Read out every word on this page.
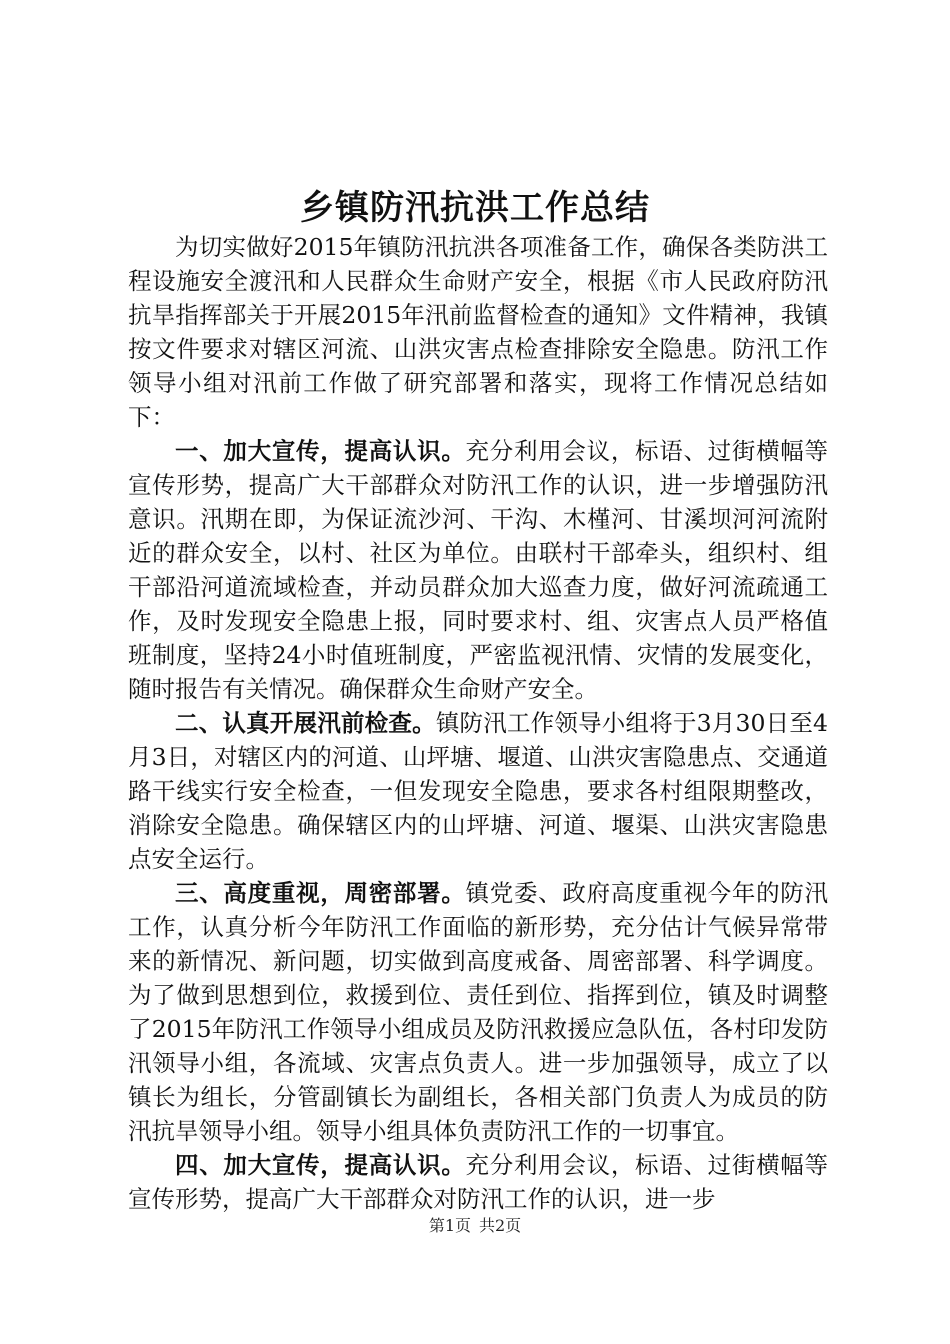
乡镇防汛抗洪工作总结

为切实做好2015年镇防汛抗洪各项准备工作，确保各类防洪工程设施安全渡汛和人民群众生命财产安全，根据《市人民政府防汛抗旱指挥部关于开展2015年汛前监督检查的通知》文件精神，我镇按文件要求对辖区河流、山洪灾害点检查排除安全隐患。防汛工作领导小组对汛前工作做了研究部署和落实，现将工作情况总结如下：

一、加大宣传，提高认识。充分利用会议，标语、过街横幅等宣传形势，提高广大干部群众对防汛工作的认识，进一步增强防汛意识。汛期在即，为保证流沙河、干沟、木槿河、甘溪坝河河流附近的群众安全，以村、社区为单位。由联村干部牵头，组织村、组干部沿河道流域检查，并动员群众加大巡查力度，做好河流疏通工作，及时发现安全隐患上报，同时要求村、组、灾害点人员严格值班制度，坚持24小时值班制度，严密监视汛情、灾情的发展变化，随时报告有关情况。确保群众生命财产安全。

二、认真开展汛前检查。镇防汛工作领导小组将于3月30日至4月3日，对辖区内的河道、山坪塘、堰道、山洪灾害隐患点、交通道路干线实行安全检查，一但发现安全隐患，要求各村组限期整改，消除安全隐患。确保辖区内的山坪塘、河道、堰渠、山洪灾害隐患点安全运行。

三、高度重视，周密部署。镇党委、政府高度重视今年的防汛工作，认真分析今年防汛工作面临的新形势，充分估计气候异常带来的新情况、新问题，切实做到高度戒备、周密部署、科学调度。为了做到思想到位，救援到位、责任到位、指挥到位，镇及时调整了2015年防汛工作领导小组成员及防汛救援应急队伍，各村印发防汛领导小组，各流域、灾害点负责人。进一步加强领导，成立了以镇长为组长，分管副镇长为副组长，各相关部门负责人为成员的防汛抗旱领导小组。领导小组具体负责防汛工作的一切事宜。

四、加大宣传，提高认识。充分利用会议，标语、过街横幅等宣传形势，提高广大干部群众对防汛工作的认识，进一步

第1页 共2页
